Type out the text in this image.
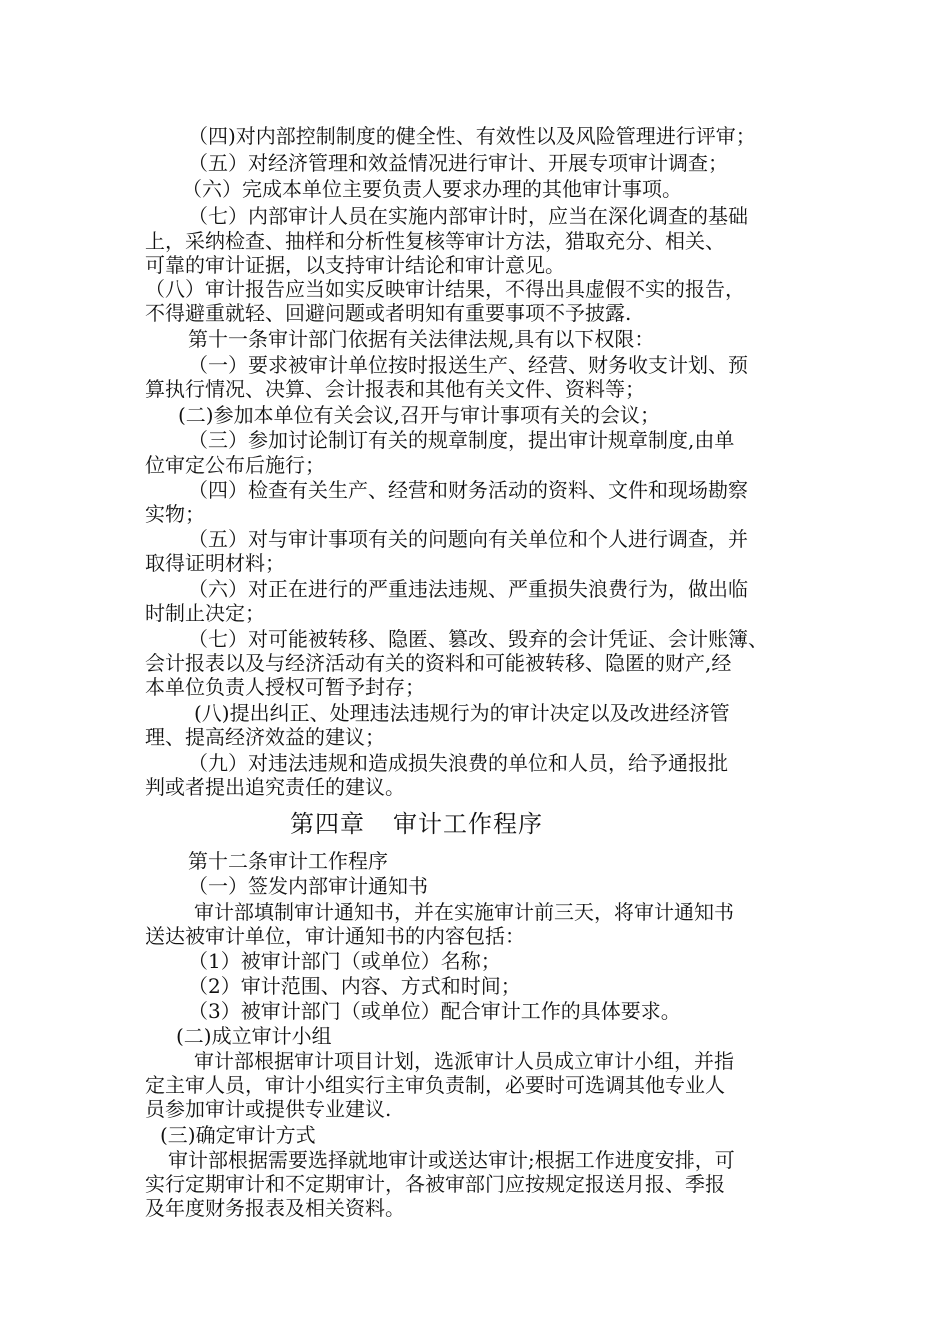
（四)对内部控制制度的健全性、有效性以及风险管理进行评审；
（五）对经济管理和效益情况进行审计、开展专项审计调查；
（六）完成本单位主要负责人要求办理的其他审计事项。
（七）内部审计人员在实施内部审计时，应当在深化调查的基础
上，采纳检查、抽样和分析性复核等审计方法，猎取充分、相关、
可靠的审计证据，以支持审计结论和审计意见。
（八）审计报告应当如实反映审计结果，不得出具虚假不实的报告，
不得避重就轻、回避问题或者明知有重要事项不予披露.
第十一条审计部门依据有关法律法规,具有以下权限：
（一）要求被审计单位按时报送生产、经营、财务收支计划、预
算执行情况、决算、会计报表和其他有关文件、资料等；
(二)参加本单位有关会议,召开与审计事项有关的会议；
（三）参加讨论制订有关的规章制度，提出审计规章制度,由单
位审定公布后施行；
（四）检查有关生产、经营和财务活动的资料、文件和现场勘察
实物；
（五）对与审计事项有关的问题向有关单位和个人进行调查，并
取得证明材料；
（六）对正在进行的严重违法违规、严重损失浪费行为，做出临
时制止决定；
（七）对可能被转移、隐匿、篡改、毁弃的会计凭证、会计账簿、
会计报表以及与经济活动有关的资料和可能被转移、隐匿的财产,经
本单位负责人授权可暂予封存；
(八)提出纠正、处理违法违规行为的审计决定以及改进经济管
理、提高经济效益的建议；
（九）对违法违规和造成损失浪费的单位和人员，给予通报批
判或者提出追究责任的建议。
第四章 审计工作程序
第十二条审计工作程序
（一）签发内部审计通知书
审计部填制审计通知书，并在实施审计前三天，将审计通知书
送达被审计单位，审计通知书的内容包括：
（1）被审计部门（或单位）名称；
（2）审计范围、内容、方式和时间；
（3）被审计部门（或单位）配合审计工作的具体要求。
(二)成立审计小组
审计部根据审计项目计划，选派审计人员成立审计小组，并指
定主审人员，审计小组实行主审负责制，必要时可选调其他专业人
员参加审计或提供专业建议.
(三)确定审计方式
审计部根据需要选择就地审计或送达审计;根据工作进度安排，可
实行定期审计和不定期审计，各被审部门应按规定报送月报、季报
及年度财务报表及相关资料。
